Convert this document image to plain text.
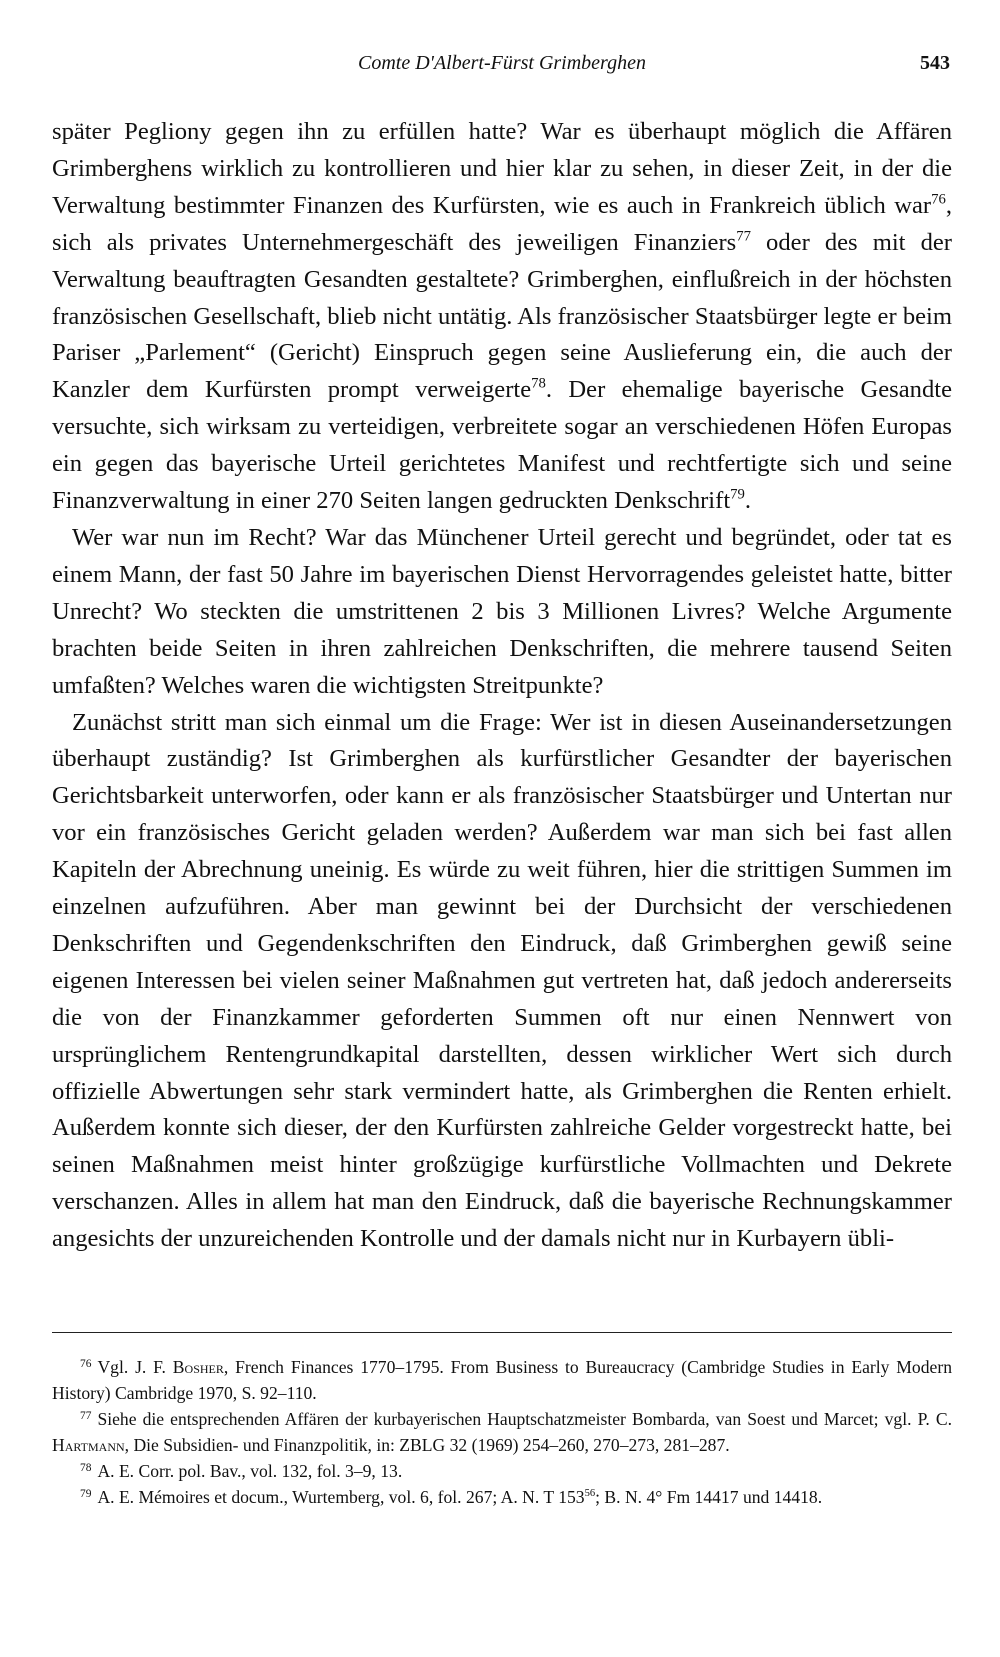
Comte D'Albert-Fürst Grimberghen	543

später Pegliony gegen ihn zu erfüllen hatte? War es überhaupt möglich die Affären Grimberghens wirklich zu kontrollieren und hier klar zu sehen, in dieser Zeit, in der die Verwaltung bestimmter Finanzen des Kurfürsten, wie es auch in Frankreich üblich war$^{76}$, sich als privates Unternehmergeschäft des jeweiligen Finanziers$^{77}$ oder des mit der Verwaltung beauftragten Gesandten gestaltete? Grimberghen, einflußreich in der höchsten französischen Gesellschaft, blieb nicht untätig. Als französischer Staatsbürger legte er beim Pariser „Parlement“ (Gericht) Einspruch gegen seine Auslieferung ein, die auch der Kanzler dem Kurfürsten prompt verweigerte$^{78}$. Der ehemalige bayerische Gesandte versuchte, sich wirksam zu verteidigen, verbreitete sogar an verschiedenen Höfen Europas ein gegen das bayerische Urteil gerichtetes Manifest und rechtfertigte sich und seine Finanzverwaltung in einer 270 Seiten langen gedruckten Denkschrift$^{79}$.

Wer war nun im Recht? War das Münchener Urteil gerecht und begründet, oder tat es einem Mann, der fast 50 Jahre im bayerischen Dienst Hervorragendes geleistet hatte, bitter Unrecht? Wo steckten die umstrittenen 2 bis 3 Millionen Livres? Welche Argumente brachten beide Seiten in ihren zahlreichen Denkschriften, die mehrere tausend Seiten umfaßten? Welches waren die wichtigsten Streitpunkte?

Zunächst stritt man sich einmal um die Frage: Wer ist in diesen Auseinandersetzungen überhaupt zuständig? Ist Grimberghen als kurfürstlicher Gesandter der bayerischen Gerichtsbarkeit unterworfen, oder kann er als französischer Staatsbürger und Untertan nur vor ein französisches Gericht geladen werden? Außerdem war man sich bei fast allen Kapiteln der Abrechnung uneinig. Es würde zu weit führen, hier die strittigen Summen im einzelnen aufzuführen. Aber man gewinnt bei der Durchsicht der verschiedenen Denkschriften und Gegendenkschriften den Eindruck, daß Grimberghen gewiß seine eigenen Interessen bei vielen seiner Maßnahmen gut vertreten hat, daß jedoch andererseits die von der Finanzkammer geforderten Summen oft nur einen Nennwert von ursprünglichem Rentengrundkapital darstellten, dessen wirklicher Wert sich durch offizielle Abwertungen sehr stark vermindert hatte, als Grimberghen die Renten erhielt. Außerdem konnte sich dieser, der den Kurfürsten zahlreiche Gelder vorgestreckt hatte, bei seinen Maßnahmen meist hinter großzügige kurfürstliche Vollmachten und Dekrete verschanzen. Alles in allem hat man den Eindruck, daß die bayerische Rechnungskammer angesichts der unzureichenden Kontrolle und der damals nicht nur in Kurbayern übli-

$^{76}$ Vgl. J. F. Bosher, French Finances 1770–1795. From Business to Bureaucracy (Cambridge Studies in Early Modern History) Cambridge 1970, S. 92–110.

$^{77}$ Siehe die entsprechenden Affären der kurbayerischen Hauptschatzmeister Bombarda, van Soest und Marcet; vgl. P. C. Hartmann, Die Subsidien- und Finanzpolitik, in: ZBLG 32 (1969) 254–260, 270–273, 281–287.

$^{78}$ A. E. Corr. pol. Bav., vol. 132, fol. 3–9, 13.

$^{79}$ A. E. Mémoires et docum., Wurtemberg, vol. 6, fol. 267; A. N. T $153^{56}$; B. N. 4° Fm 14417 und 14418.
